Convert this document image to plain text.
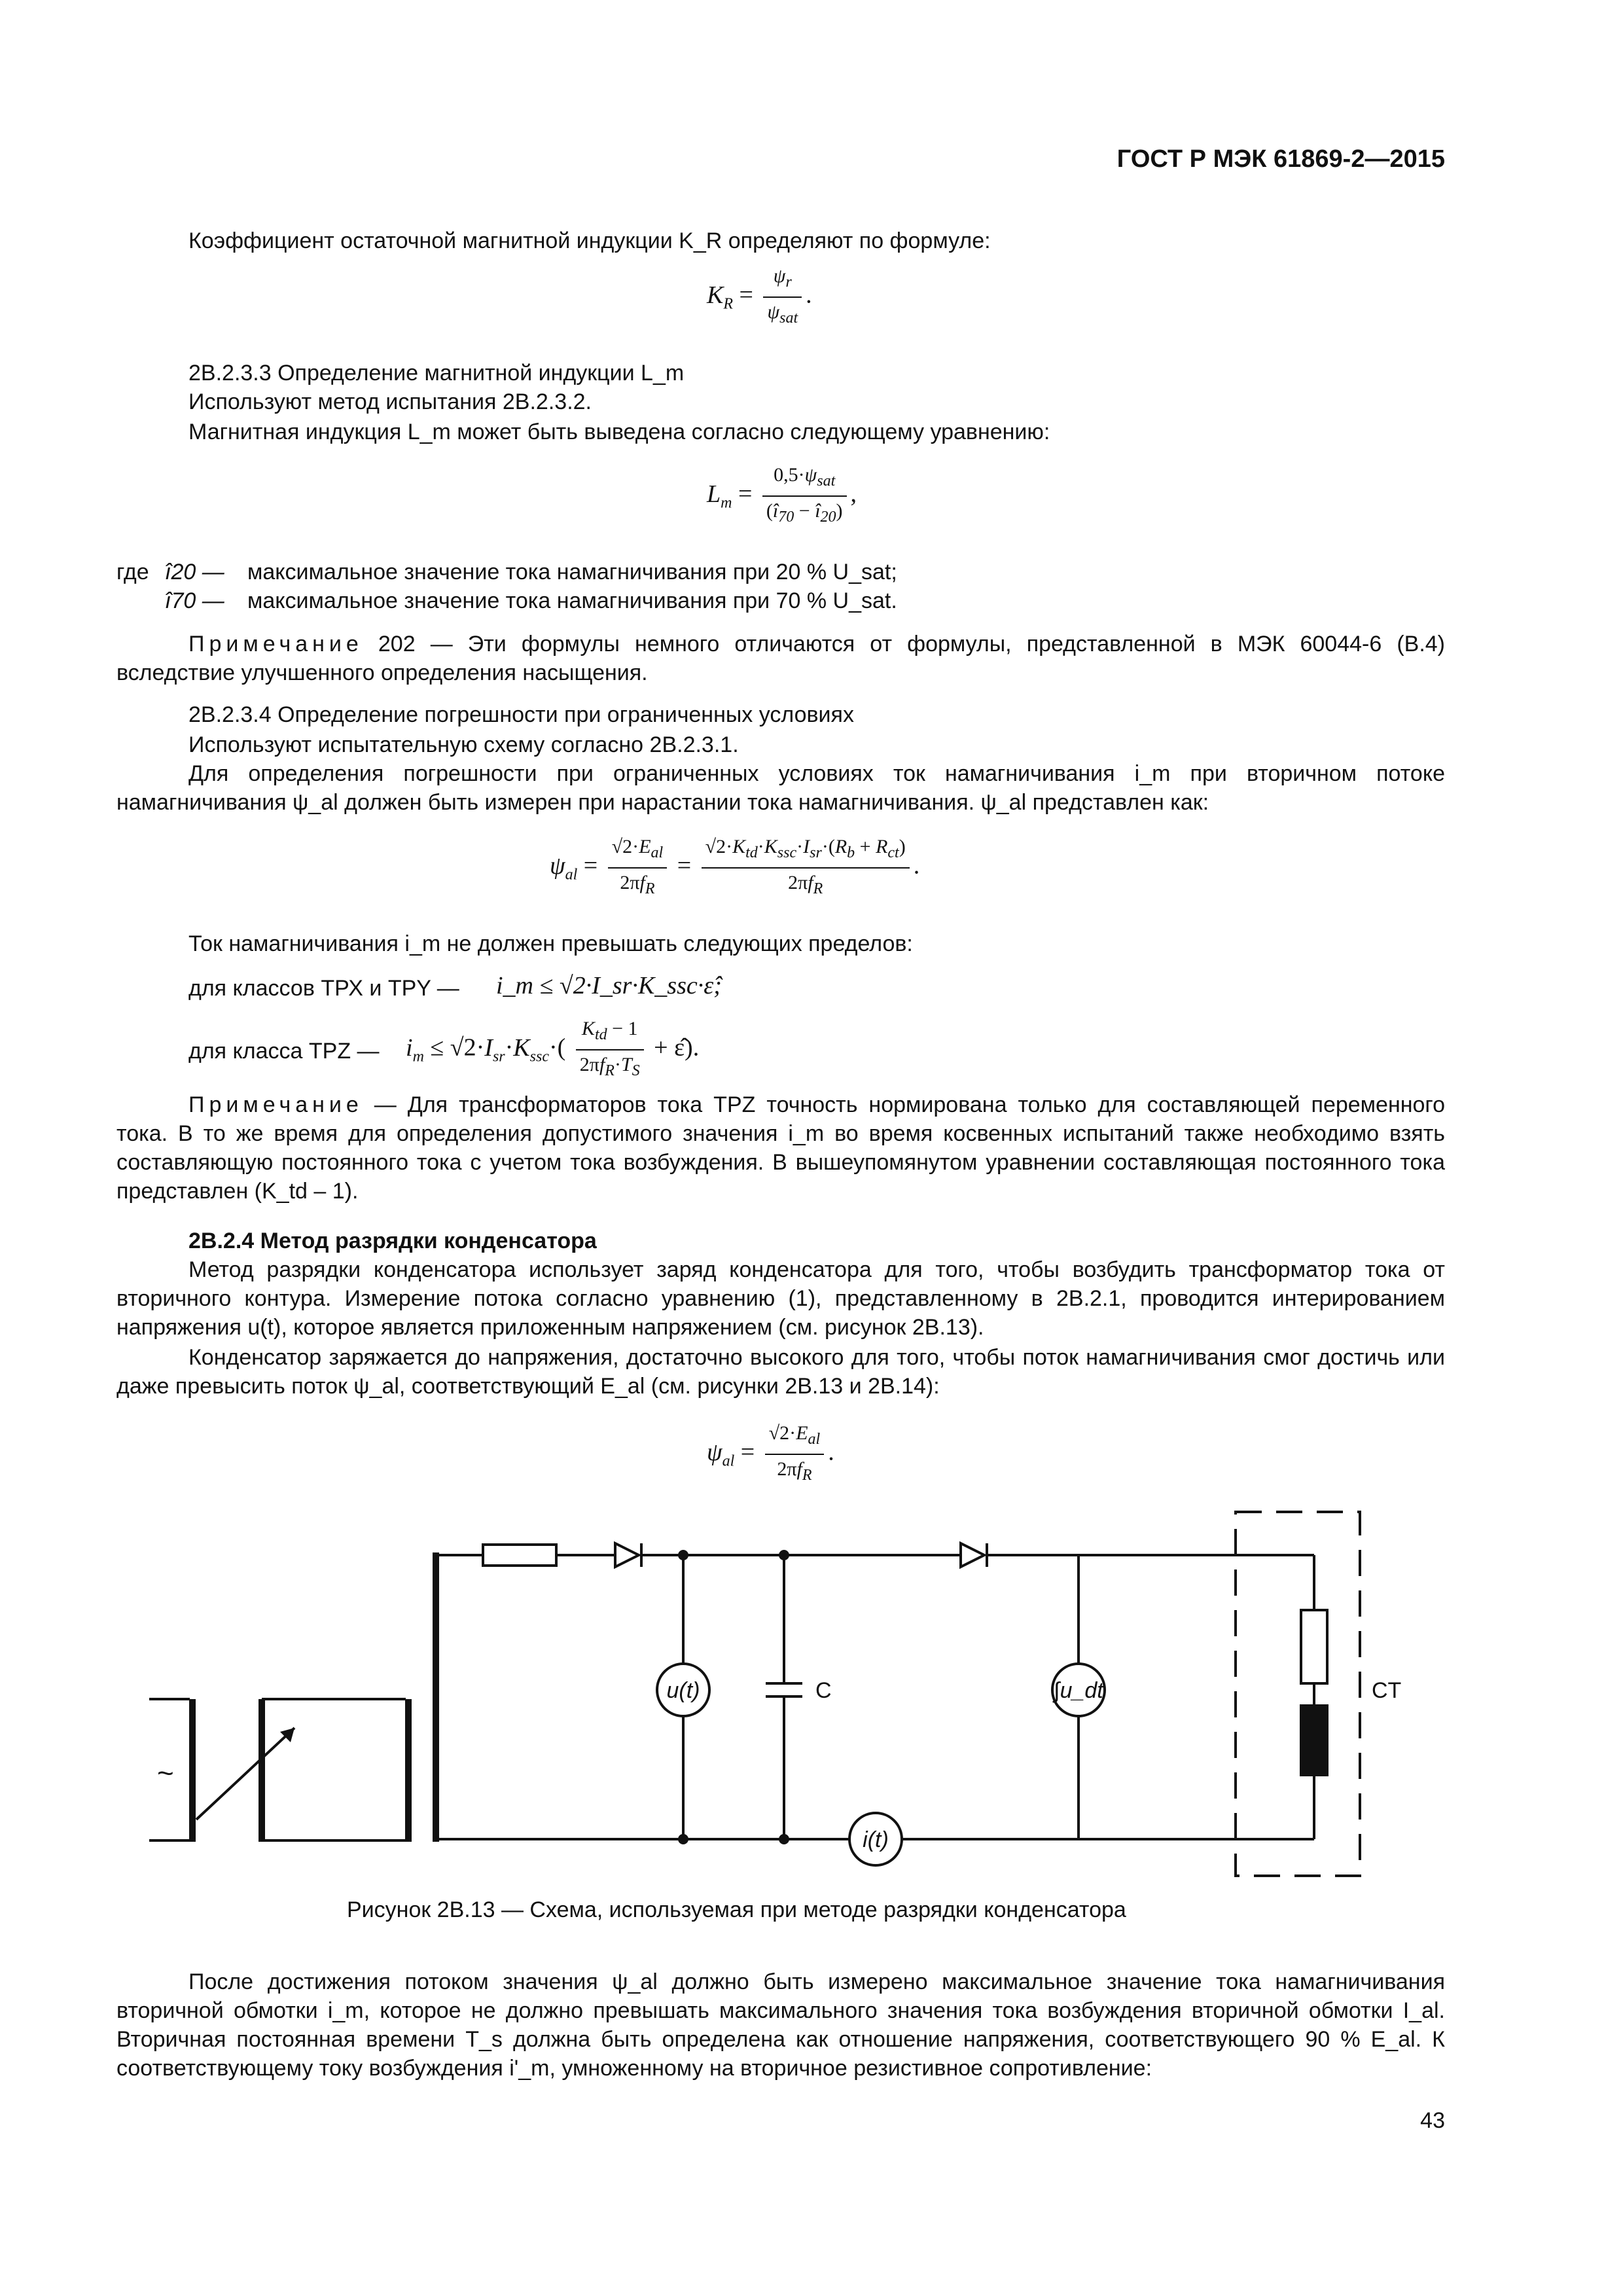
ГОСТ Р МЭК 61869-2—2015
Коэффициент остаточной магнитной индукции K_R определяют по формуле:
$K_R = \frac{\psi_r}{\psi_{sat}}$ .
2В.2.3.3 Определение магнитной индукции L_m
Используют метод испытания 2В.2.3.2.
Магнитная индукция L_m может быть выведена согласно следующему уравнению:
$L_m = \frac{0,5\cdot\psi_{sat}}{(î_{70} - î_{20})}$ ,
где î20 — максимальное значение тока намагничивания при 20 % U_sat;
î70 — максимальное значение тока намагничивания при 70 % U_sat.
Примечание 202 — Эти формулы немного отличаются от формулы, представленной в МЭК 60044-6 (В.4) вследствие улучшенного определения насыщения.
2В.2.3.4 Определение погрешности при ограниченных условиях
Используют испытательную схему согласно 2В.2.3.1.
Для определения погрешности при ограниченных условиях ток намагничивания i_m при вторичном потоке намагничивания ψ_al должен быть измерен при нарастании тока намагничивания. ψ_al представлен как:
$\psi_{al} = \frac{√2\cdot E_{al}}{2\pi f_R} = \frac{√2\cdot K_{td}\cdot K_{ssc}\cdot I_{sr}\cdot(R_b + R_{ct})}{2\pi f_R}$ .
Ток намагничивания i_m не должен превышать следующих пределов:
для классов ТРХ и TPY — i_m ≤ √2·I_sr·K_ssc·ε̂;
для класса TPZ — $i_m \le √2\cdot I_{sr}\cdot K_{ssc}\cdot( \frac{K_{td} - 1}{2\pi f_R\cdot T_S}$ + ε̂).
Примечание — Для трансформаторов тока TPZ точность нормирована только для составляющей переменного тока. В то же время для определения допустимого значения i_m во время косвенных испытаний также необходимо взять составляющую постоянного тока с учетом тока возбуждения. В вышеупомянутом уравнении составляющая постоянного тока представлен (K_td – 1).
2В.2.4 Метод разрядки конденсатора
Метод разрядки конденсатора использует заряд конденсатора для того, чтобы возбудить трансформатор тока от вторичного контура. Измерение потока согласно уравнению (1), представленному в 2В.2.1, проводится интерированием напряжения u(t), которое является приложенным напряжением (см. рисунок 2В.13).
Конденсатор заряжается до напряжения, достаточно высокого для того, чтобы поток намагничивания смог достичь или даже превысить поток ψ_al, соответствующий E_al (см. рисунки 2В.13 и 2В.14):
$\psi_{al} = \frac{√2\cdot E_{al}}{2\pi f_R}$ .
~
u(t)	C	∫u_dt
i(t)
CT
Рисунок 2В.13 — Схема, используемая при методе разрядки конденсатора
После достижения потоком значения ψ_al должно быть измерено максимальное значение тока намагничивания вторичной обмотки i_m, которое не должно превышать максимального значения тока возбуждения вторичной обмотки I_al. Вторичная постоянная времени T_s должна быть определена как отношение напряжения, соответствующего 90 % E_al. К соответствующему току возбуждения i'_m, умноженному на вторичное резистивное сопротивление:
43
